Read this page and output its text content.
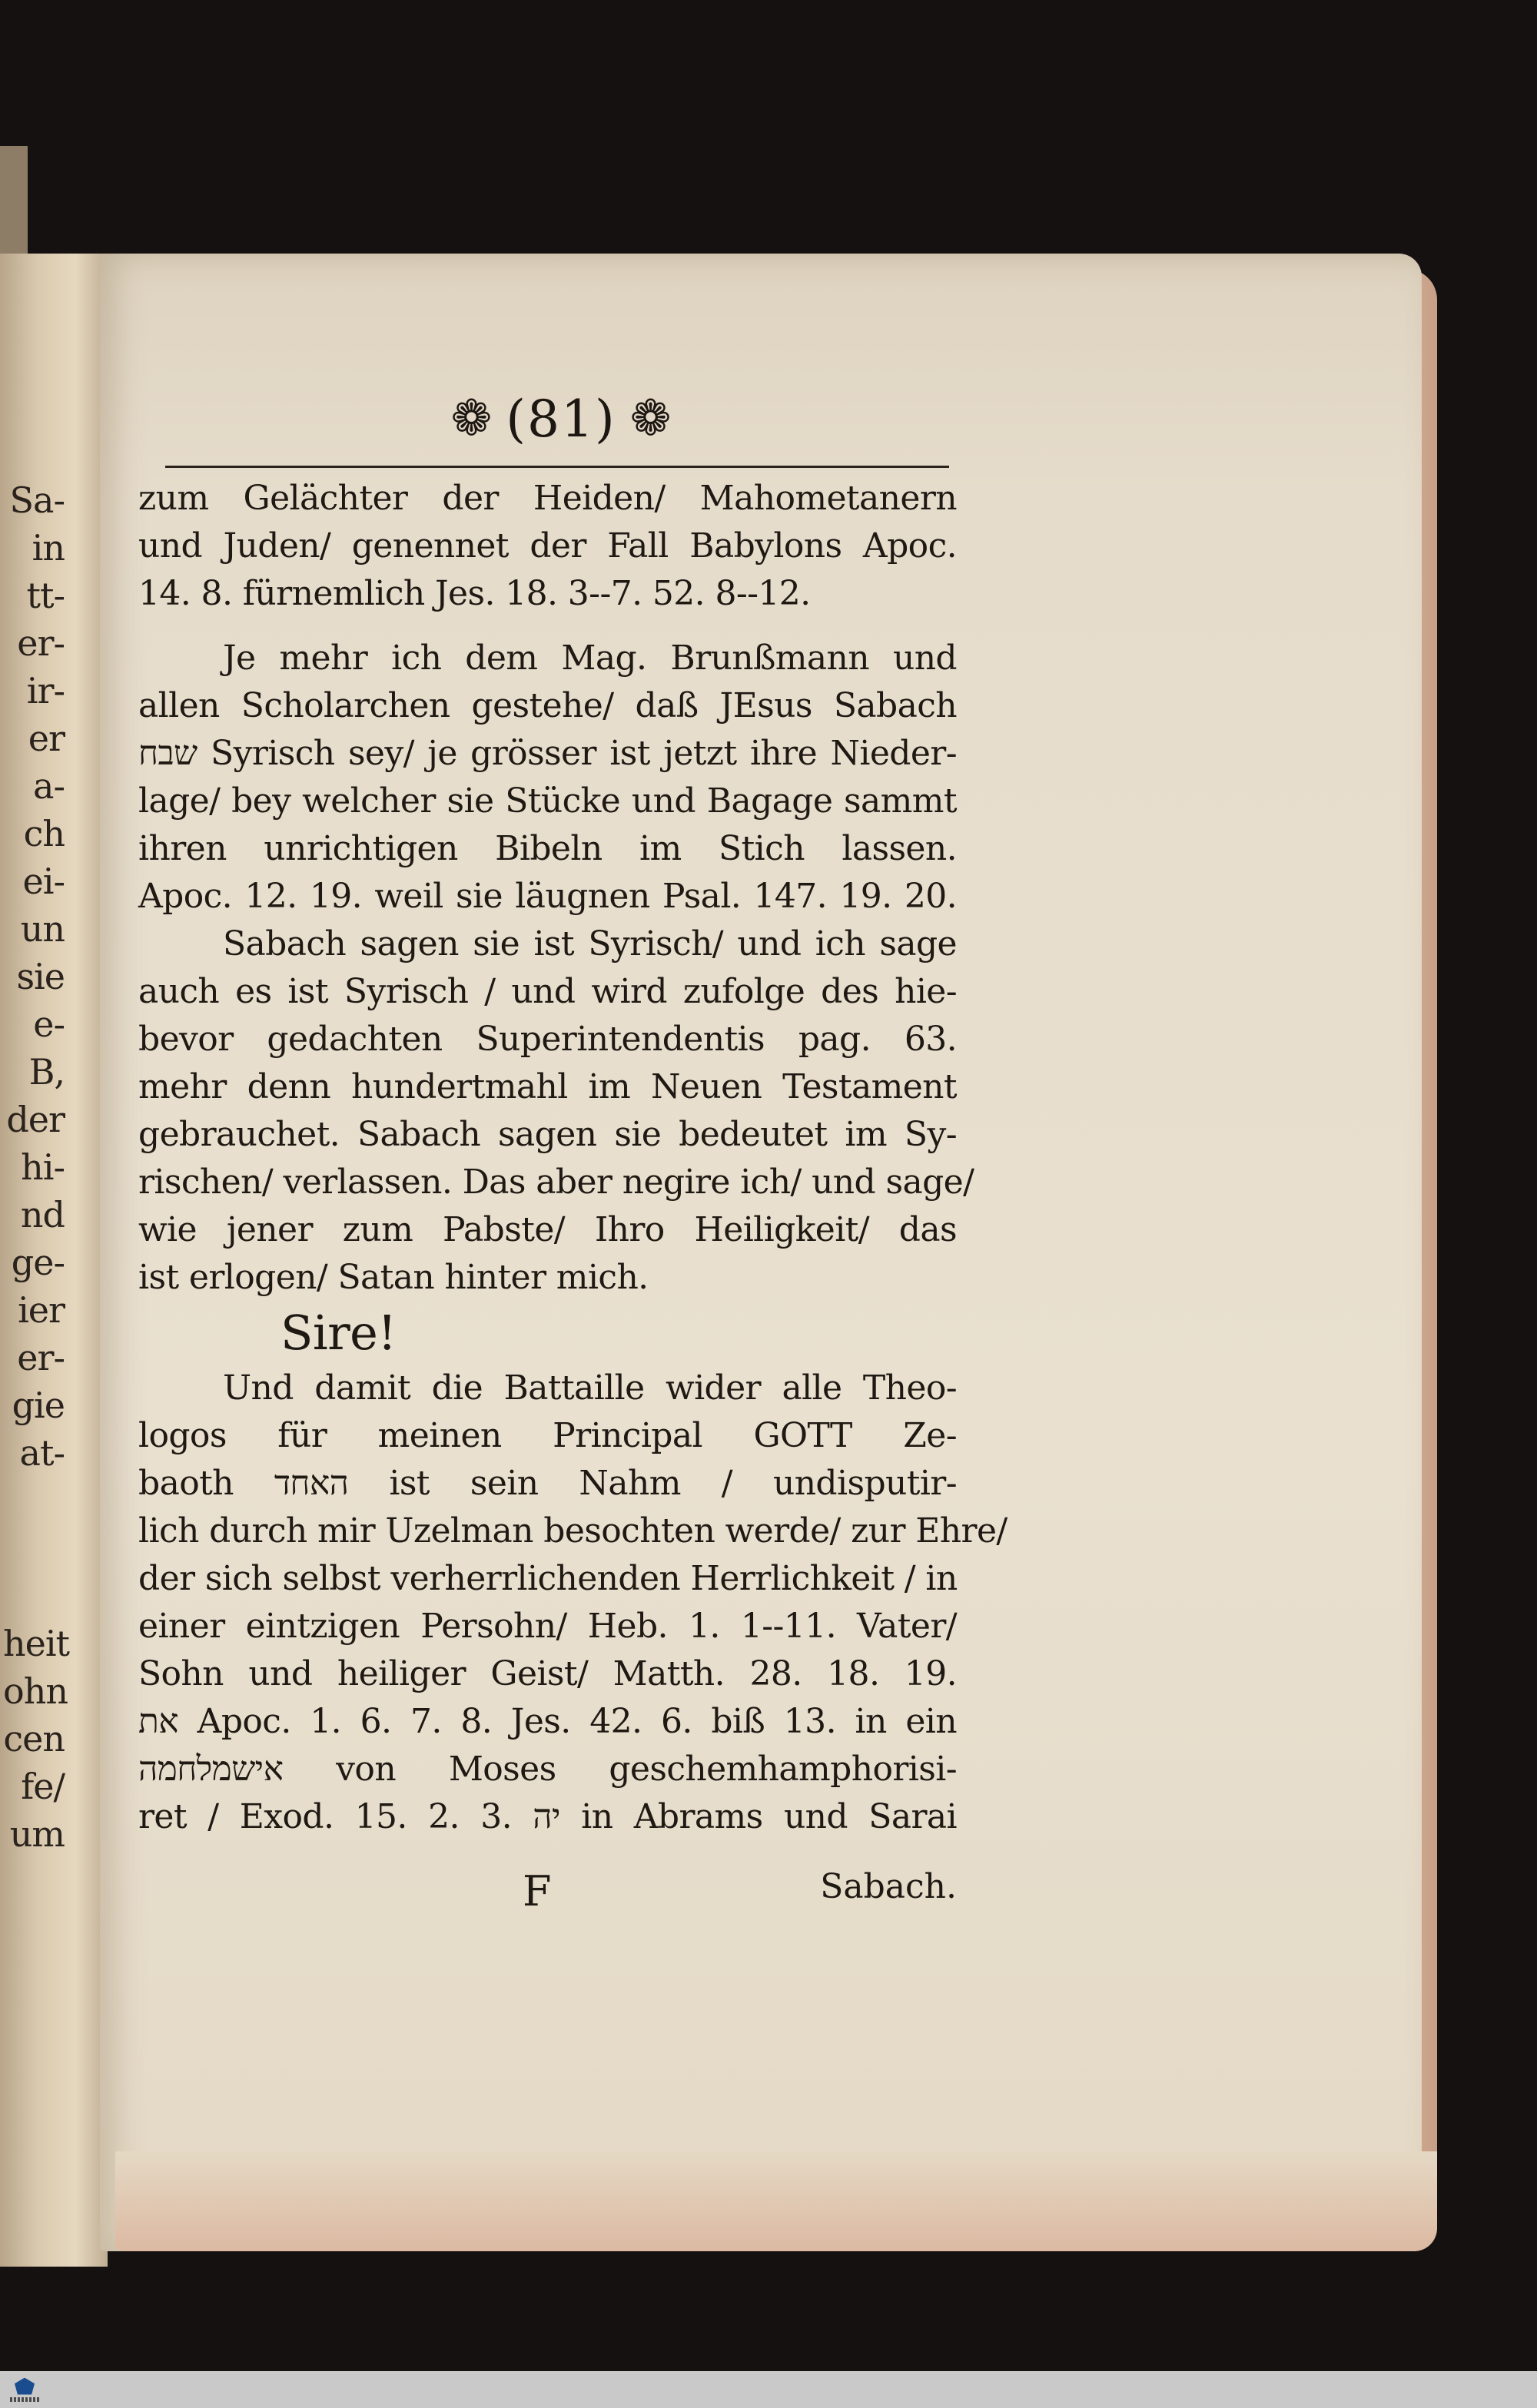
Sa-
in
tt-
er-
ir-
er
a-
ch
ei-
un
sie
e-
B,
der
hi-
nd
ge-
ier
er-
gie
at-
heit
ohn
cen
fe/
um
❁ (81) ❁
zum Gelächter der Heiden/ Mahometanern
und Juden/ genennet der Fall Babylons Apoc.
14. 8. fürnemlich Jes. 18. 3--7. 52. 8--12.
Je mehr ich dem Mag. Brunßmann und
allen Scholarchen gestehe/ daß JEsus Sabach
שבח Syrisch sey/ je grösser ist jetzt ihre Nieder-
lage/ bey welcher sie Stücke und Bagage sammt
ihren unrichtigen Bibeln im Stich lassen.
Apoc. 12. 19. weil sie läugnen Psal. 147. 19. 20.
Sabach sagen sie ist Syrisch/ und ich sage
auch es ist Syrisch / und wird zufolge des hie-
bevor gedachten Superintendentis pag. 63.
mehr denn hundertmahl im Neuen Testament
gebrauchet. Sabach sagen sie bedeutet im Sy-
rischen/ verlassen. Das aber negire ich/ und sage/
wie jener zum Pabste/ Ihro Heiligkeit/ das
ist erlogen/ Satan hinter mich.
Sire!
Und damit die Battaille wider alle Theo-
logos für meinen Principal GOTT Ze-
baoth האחד ist sein Nahm / undisputir-
lich durch mir Uzelman besochten werde/ zur Ehre/
der sich selbst verherrlichenden Herrlichkeit / in
einer eintzigen Persohn/ Heb. 1. 1--11. Vater/
Sohn und heiliger Geist/ Matth. 28. 18. 19.
את Apoc. 1. 6. 7. 8. Jes. 42. 6. biß 13. in ein
אישמלחמה von Moses geschemhamphorisi-
ret / Exod. 15. 2. 3. יה in Abrams und Sarai
F	Sabach.
